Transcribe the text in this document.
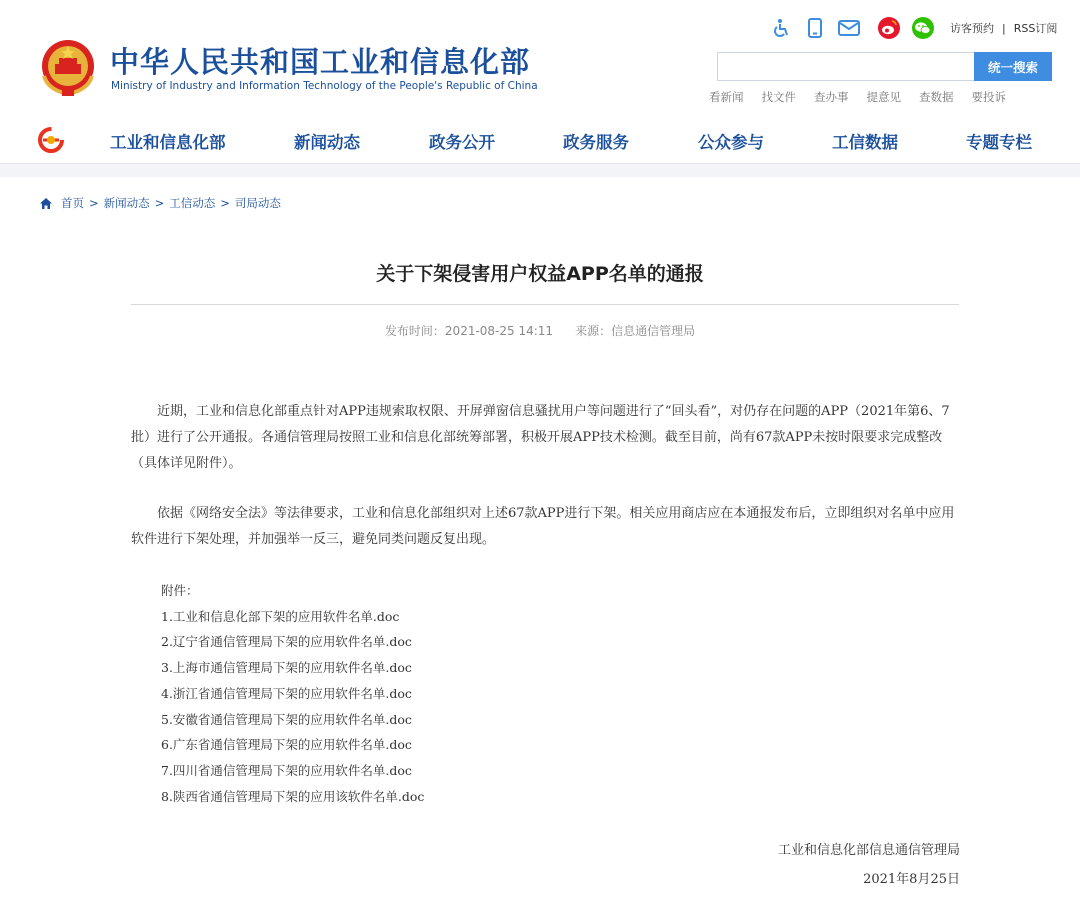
中华人民共和国工业和信息化部
Ministry of Industry and Information Technology of the People's Republic of China
访客预约 | RSS订阅
统一搜索
看新闻 找文件 查办事 提意见 查数据 要投诉
工业和信息化部	新闻动态	政务公开	政务服务	公众参与	工信数据	专题专栏
首页 > 新闻动态 > 工信动态 > 司局动态
关于下架侵害用户权益APP名单的通报
发布时间：2021-08-25 14:11 来源：信息通信管理局
近期，工业和信息化部重点针对APP违规索取权限、开屏弹窗信息骚扰用户等问题进行了“回头看”，对仍存在问题的APP（2021年第6、7批）进行了公开通报。各通信管理局按照工业和信息化部统筹部署，积极开展APP技术检测。截至目前，尚有67款APP未按时限要求完成整改（具体详见附件）。
依据《网络安全法》等法律要求，工业和信息化部组织对上述67款APP进行下架。相关应用商店应在本通报发布后，立即组织对名单中应用软件进行下架处理，并加强举一反三，避免同类问题反复出现。
附件：
1.工业和信息化部下架的应用软件名单.doc
2.辽宁省通信管理局下架的应用软件名单.doc
3.上海市通信管理局下架的应用软件名单.doc
4.浙江省通信管理局下架的应用软件名单.doc
5.安徽省通信管理局下架的应用软件名单.doc
6.广东省通信管理局下架的应用软件名单.doc
7.四川省通信管理局下架的应用软件名单.doc
8.陕西省通信管理局下架的应用该软件名单.doc
工业和信息化部信息通信管理局
2021年8月25日
